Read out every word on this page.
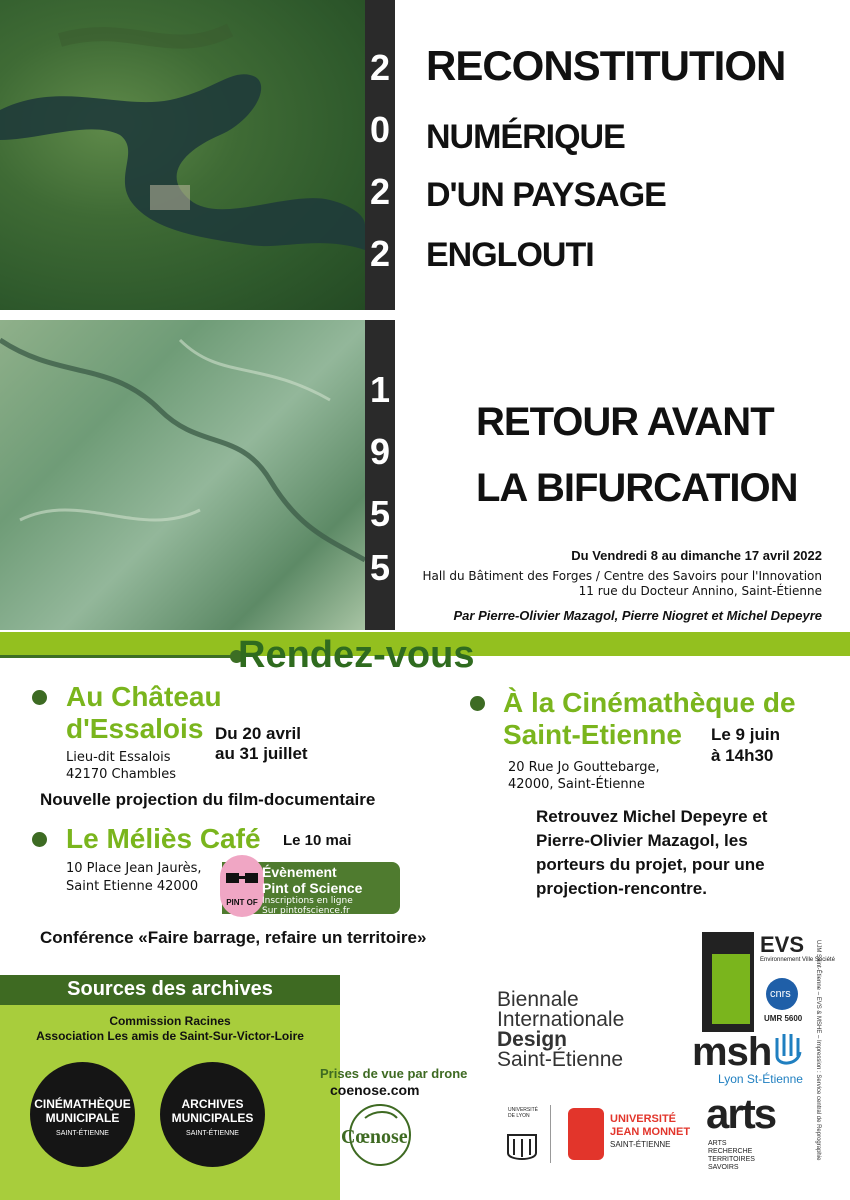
2
0
2
2
1
9
5
5
RECONSTITUTION
NUMÉRIQUE
D'UN PAYSAGE
ENGLOUTI
RETOUR AVANT
LA BIFURCATION
Du Vendredi 8 au dimanche 17 avril 2022
Hall du Bâtiment des Forges / Centre des Savoirs pour l'Innovation
11 rue du Docteur Annino, Saint-Étienne
Par Pierre-Olivier Mazagol, Pierre Niogret et Michel Depeyre
Rendez-vous
Au Château
d'Essalois Du 20 avril
au 31 juillet
Lieu-dit Essalois
42170 Chambles
Nouvelle projection du film-documentaire
Le Méliès Café Le 10 mai
10 Place Jean Jaurès,
Saint Etienne 42000
PINT OF
Évènement
Pint of Science
Inscriptions en ligne
Sur pintofscience.fr
Conférence «Faire barrage, refaire un territoire»
À la Cinémathèque de
Saint-Etienne Le 9 juin
à 14h30
20 Rue Jo Gouttebarge,
42000, Saint-Étienne
Retrouvez Michel Depeyre et
Pierre-Olivier Mazagol, les
porteurs du projet, pour une
projection-rencontre.
Sources des archives
Commission Racines
Association Les amis de Saint-Sur-Victor-Loire
CINÉMATHÈQUE
MUNICIPALE
SAINT-ÉTIENNE
ARCHIVES
MUNICIPALES
SAINT-ÉTIENNE
Prises de vue par drone
coenose.com
Cœnose
Biennale
Internationale
Design
Saint-Étienne
EVS
Environnement Ville Société
cnrs
UMR 5600
msh
Lyon St-Étienne
UNIVERSITÉ DE LYON	UNIVERSITÉ
JEAN MONNET
SAINT-ÉTIENNE
arts
ARTS
RECHERCHE
TERRITOIRES
SAVOIRS
UJM Saint-Étienne – EVS & MSHE – Impression : Service central de Reprographie
